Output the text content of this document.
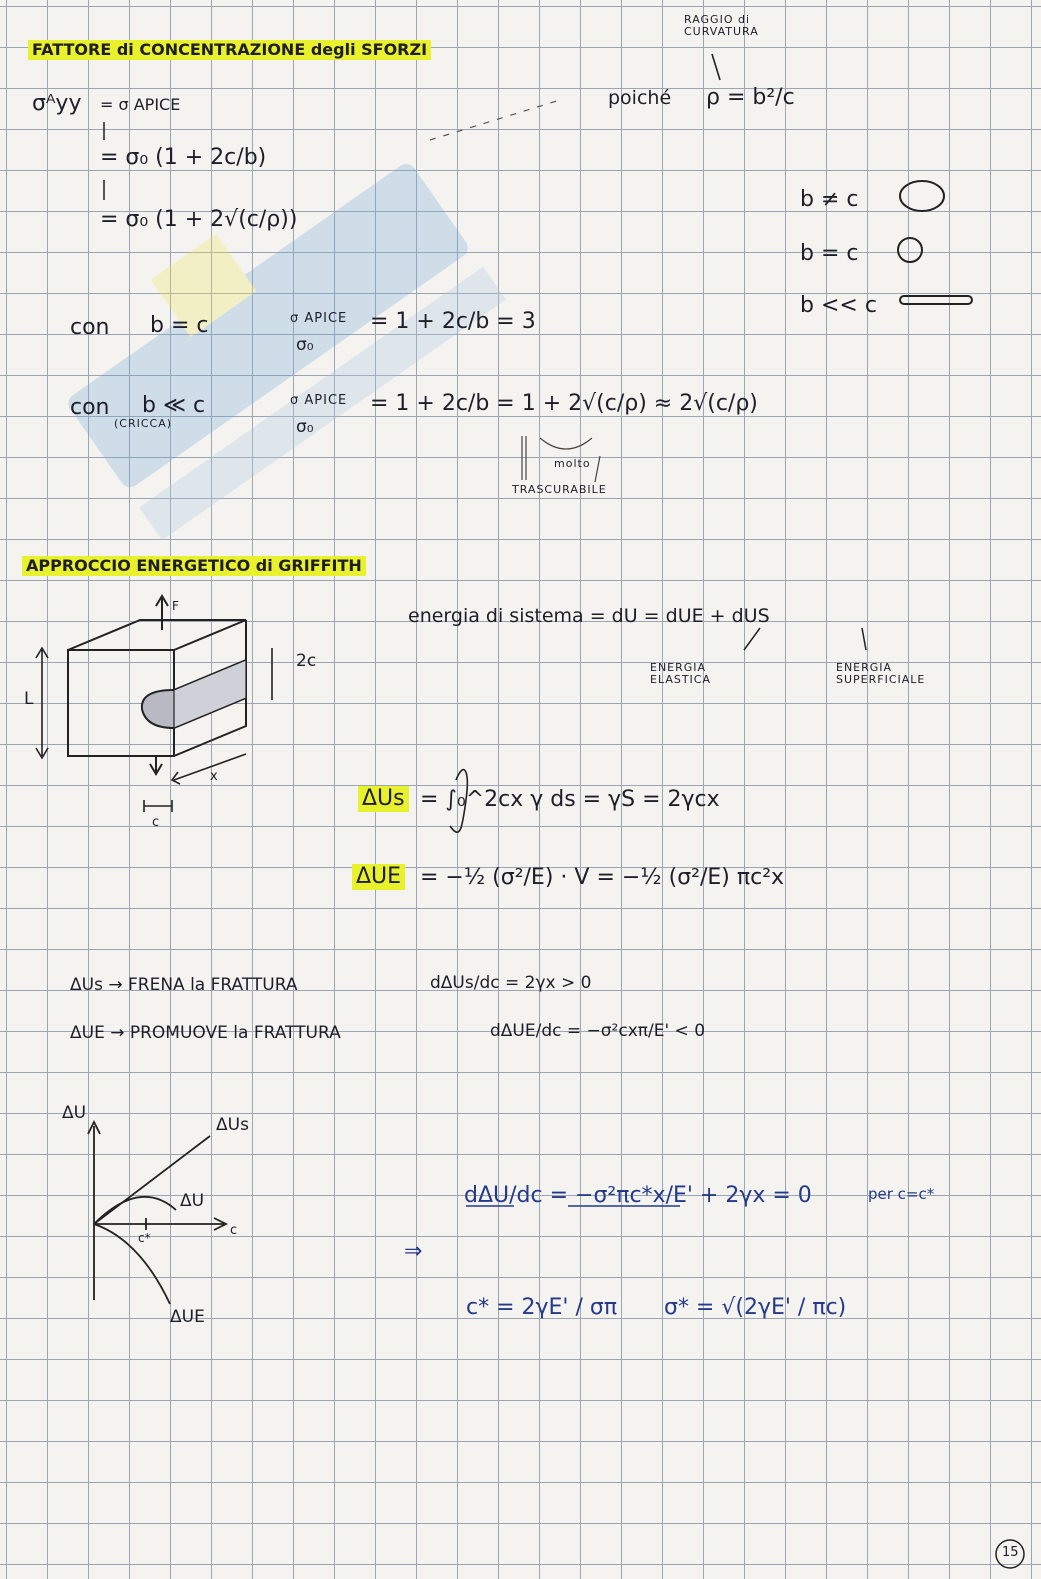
FATTORE di CONCENTRAZIONE degli SFORZI
RAGGIO di CURVATURA
poiché ρ = b²/c
σᴬyy = σ APICE
= σ₀ (1 + 2c/b)
= σ₀ (1 + 2√(c/ρ))
b ≠ c
b = c
b << c
con b = c	σ APICE
σ₀
= 1 + 2c/b = 3
con b ≪ c
(CRICCA)
σ APICE
σ₀
= 1 + 2c/b = 1 + 2√(c/ρ) ≈ 2√(c/ρ)
molto
TRASCURABILE
APPROCCIO ENERGETICO di GRIFFITH
energia di sistema = dU = dUE + dUS
ENERGIA ELASTICA
ENERGIA SUPERFICIALE
F
L
2c
c
x
ΔUs = ∫₀^2cx γ ds = γS = 2γcx
ΔUE = −½ (σ²/E) · V = −½ (σ²/E) πc²x
ΔUs → FRENA la FRATTURA	dΔUs/dc = 2γx > 0
ΔUE → PROMUOVE la FRATTURA	dΔUE/dc = −σ²cxπ/E' < 0
ΔU
c
c*
ΔUs
ΔU
ΔUE
dΔU/dc = −σ²πc*x/E' + 2γx = 0	per c=c*
⇒
c* = 2γE' / σπ σ* = √(2γE' / πc)
15
